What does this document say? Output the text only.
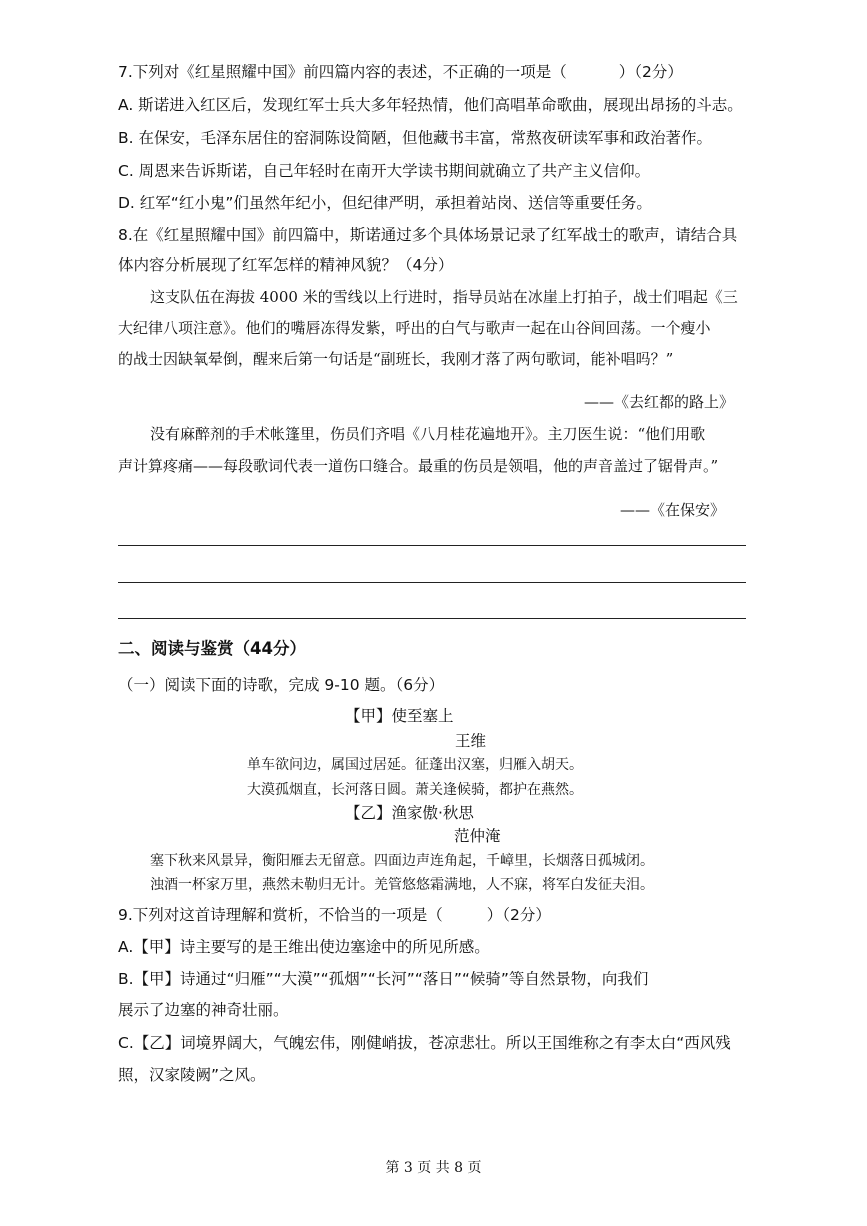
7.下列对《红星照耀中国》前四篇内容的表述，不正确的一项是（	）（2分）
A. 斯诺进入红区后，发现红军士兵大多年轻热情，他们高唱革命歌曲，展现出昂扬的斗志。
B. 在保安，毛泽东居住的窑洞陈设简陋，但他藏书丰富，常熬夜研读军事和政治著作。
C. 周恩来告诉斯诺，自己年轻时在南开大学读书期间就确立了共产主义信仰。
D. 红军“红小鬼”们虽然年纪小，但纪律严明，承担着站岗、送信等重要任务。
8.在《红星照耀中国》前四篇中，斯诺通过多个具体场景记录了红军战士的歌声，请结合具
体内容分析展现了红军怎样的精神风貌？（4分）
这支队伍在海拔 4000 米的雪线以上行进时，指导员站在冰崖上打拍子，战士们唱起《三
大纪律八项注意》。他们的嘴唇冻得发紫，呼出的白气与歌声一起在山谷间回荡。一个瘦小
的战士因缺氧晕倒，醒来后第一句话是“副班长，我刚才落了两句歌词，能补唱吗？”
——《去红都的路上》
没有麻醉剂的手术帐篷里，伤员们齐唱《八月桂花遍地开》。主刀医生说：“他们用歌
声计算疼痛——每段歌词代表一道伤口缝合。最重的伤员是领唱，他的声音盖过了锯骨声。”
——《在保安》
二、阅读与鉴赏（44分）
（一）阅读下面的诗歌，完成 9-10 题。（6分）
【甲】使至塞上
王维
单车欲问边，属国过居延。征蓬出汉塞，归雁入胡天。
大漠孤烟直，长河落日圆。萧关逢候骑，都护在燕然。
【乙】渔家傲·秋思
范仲淹
塞下秋来风景异，衡阳雁去无留意。四面边声连角起，千嶂里，长烟落日孤城闭。
浊酒一杯家万里，燕然未勒归无计。羌管悠悠霜满地，人不寐，将军白发征夫泪。
9.下列对这首诗理解和赏析，不恰当的一项是（	）（2分）
A.【甲】诗主要写的是王维出使边塞途中的所见所感。
B.【甲】诗通过“归雁”“大漠”“孤烟”“长河”“落日”“候骑”等自然景物，向我们
展示了边塞的神奇壮丽。
C.【乙】词境界阔大，气魄宏伟，刚健峭拔，苍凉悲壮。所以王国维称之有李太白“西风残
照，汉家陵阙”之风。
第 3 页 共 8 页
